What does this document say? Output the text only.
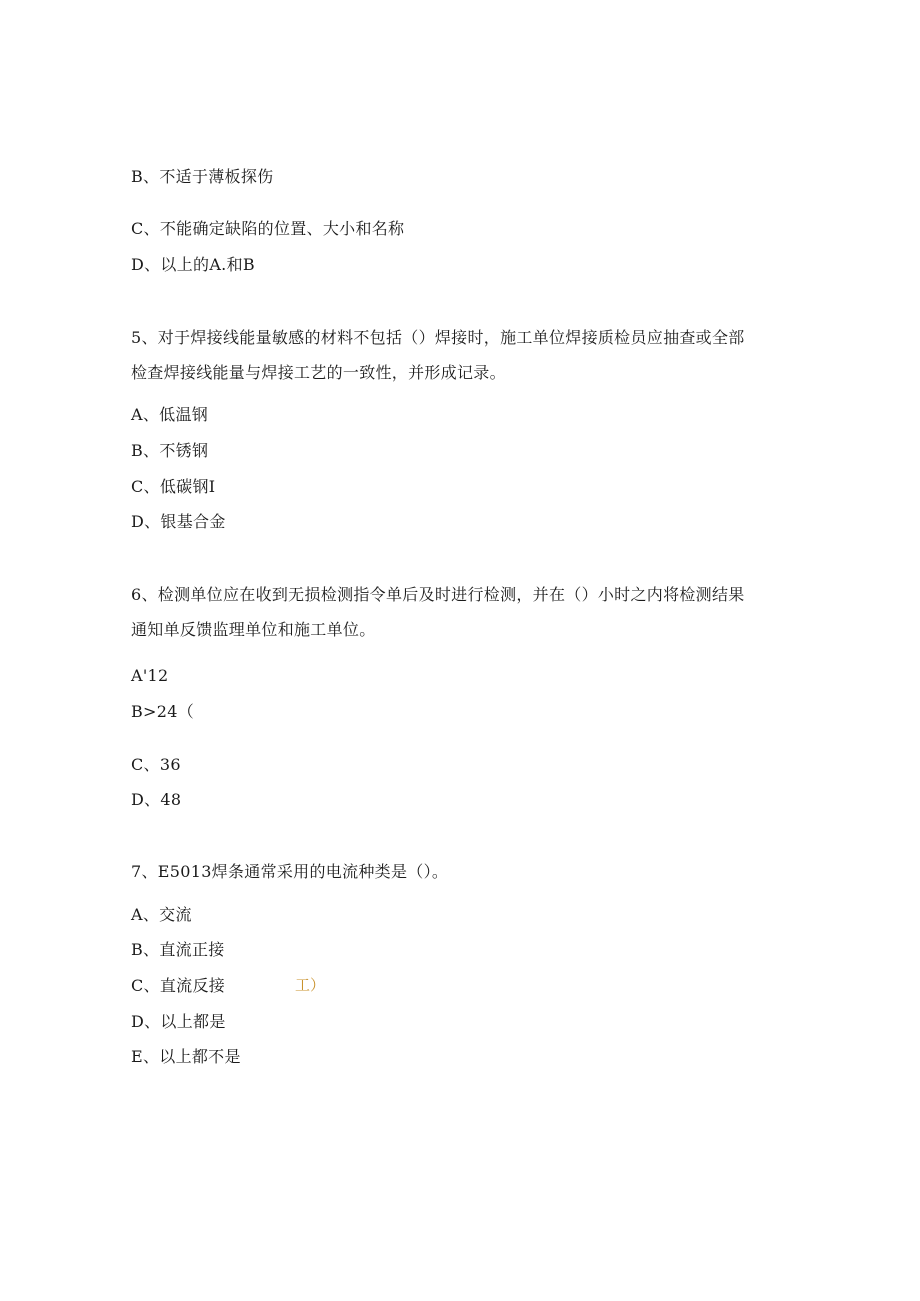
B、不适于薄板探伤
C、不能确定缺陷的位置、大小和名称
D、以上的A.和B
5、对于焊接线能量敏感的材料不包括（）焊接时，施工单位焊接质检员应抽查或全部
检查焊接线能量与焊接工艺的一致性，并形成记录。
A、低温钢
B、不锈钢
C、低碳钢I
D、银基合金
6、检测单位应在收到无损检测指令单后及时进行检测，并在（）小时之内将检测结果
通知单反馈监理单位和施工单位。
A'12
B>24（
C、36
D、48
7、E5013焊条通常采用的电流种类是（）。
A、交流
B、直流正接
C、直流反接	工）
D、以上都是
E、以上都不是
